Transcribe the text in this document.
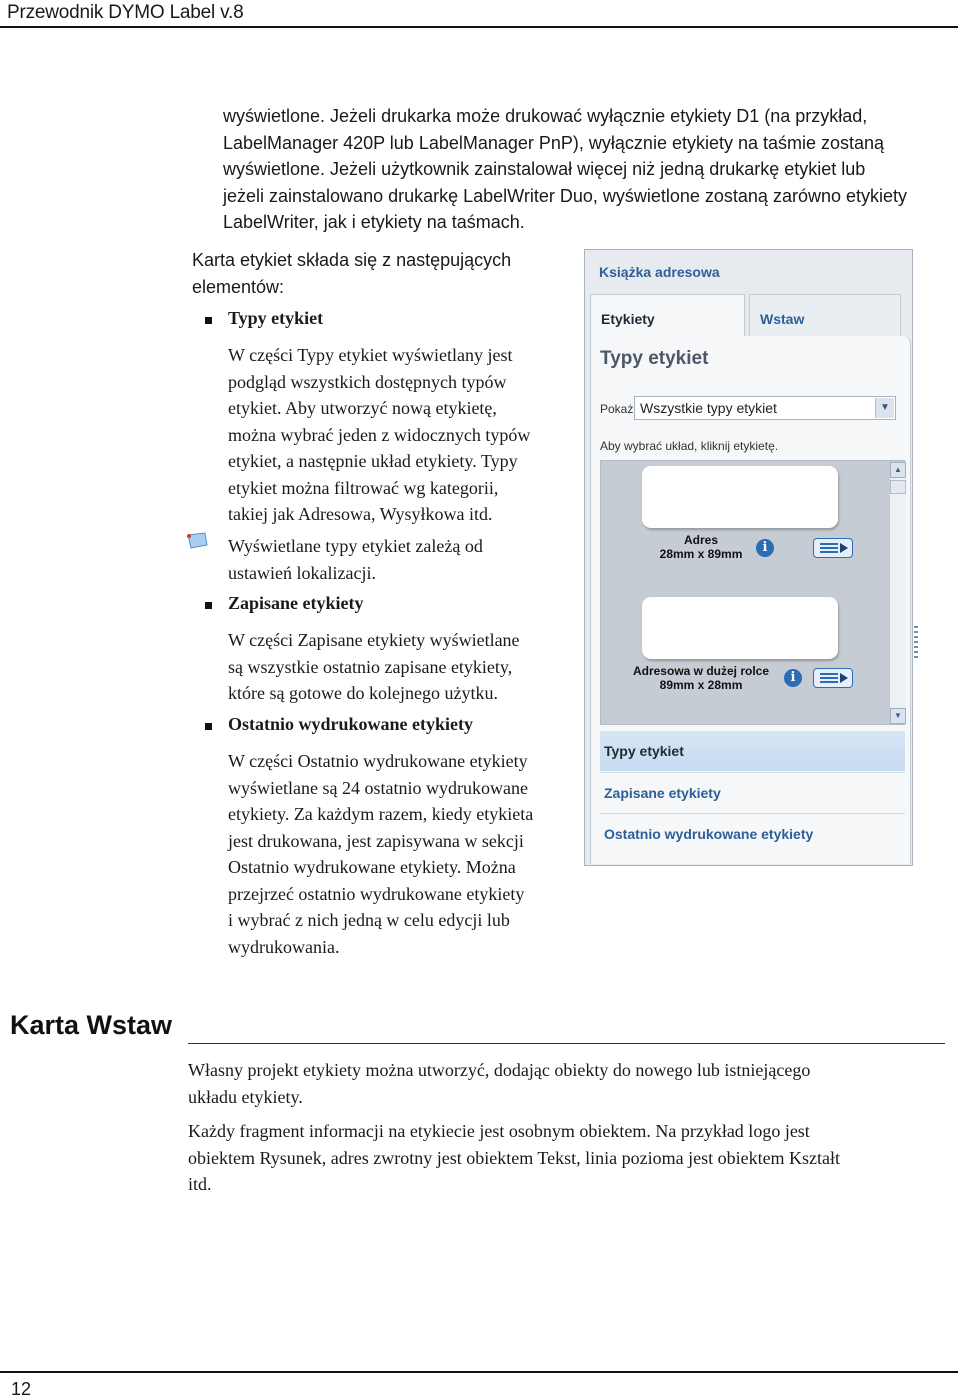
Przewodnik DYMO Label v.8

wyświetlone. Jeżeli drukarka może drukować wyłącznie etykiety D1 (na przykład,

LabelManager 420P lub LabelManager PnP), wyłącznie etykiety na taśmie zostaną

wyświetlone. Jeżeli użytkownik zainstalował więcej niż jedną drukarkę etykiet lub

jeżeli zainstalowano drukarkę LabelWriter Duo, wyświetlone zostaną zarówno etykiety

LabelWriter, jak i etykiety na taśmach.

Karta etykiet składa się z następujących
elementów:
Typy etykiet

W części Typy etykiet wyświetlany jest

podgląd wszystkich dostępnych typów

etykiet. Aby utworzyć nową etykietę,

można wybrać jeden z widocznych typów

etykiet, a następnie układ etykiety. Typy

etykiet można filtrować wg kategorii,

takiej jak Adresowa, Wysyłkowa itd.

Wyświetlane typy etykiet zależą od

ustawień lokalizacji.

Zapisane etykiety

W części Zapisane etykiety wyświetlane

są wszystkie ostatnio zapisane etykiety,

które są gotowe do kolejnego użytku.

Ostatnio wydrukowane etykiety

W części Ostatnio wydrukowane etykiety

wyświetlane są 24 ostatnio wydrukowane

etykiety. Za każdym razem, kiedy etykieta

jest drukowana, jest zapisywana w sekcji

Ostatnio wydrukowane etykiety. Można

przejrzeć ostatnio wydrukowane etykiety

i wybrać z nich jedną w celu edycji lub

wydrukowania.

Książka adresowa
Etykiety	Wstaw
Typy etykiet
Pokaż Wszystkie typy etykiet	▼
Aby wybrać układ, kliknij etykietę.
Adres
28mm x 89mm	i
Adresowa w dużej rolce
89mm x 28mm	i
▲
▼
Typy etykiet
Zapisane etykiety
Ostatnio wydrukowane etykiety
Karta Wstaw

Własny projekt etykiety można utworzyć, dodając obiekty do nowego lub istniejącego

układu etykiety.

Każdy fragment informacji na etykiecie jest osobnym obiektem. Na przykład logo jest

obiektem Rysunek, adres zwrotny jest obiektem Tekst, linia pozioma jest obiektem Kształt

itd.

12
